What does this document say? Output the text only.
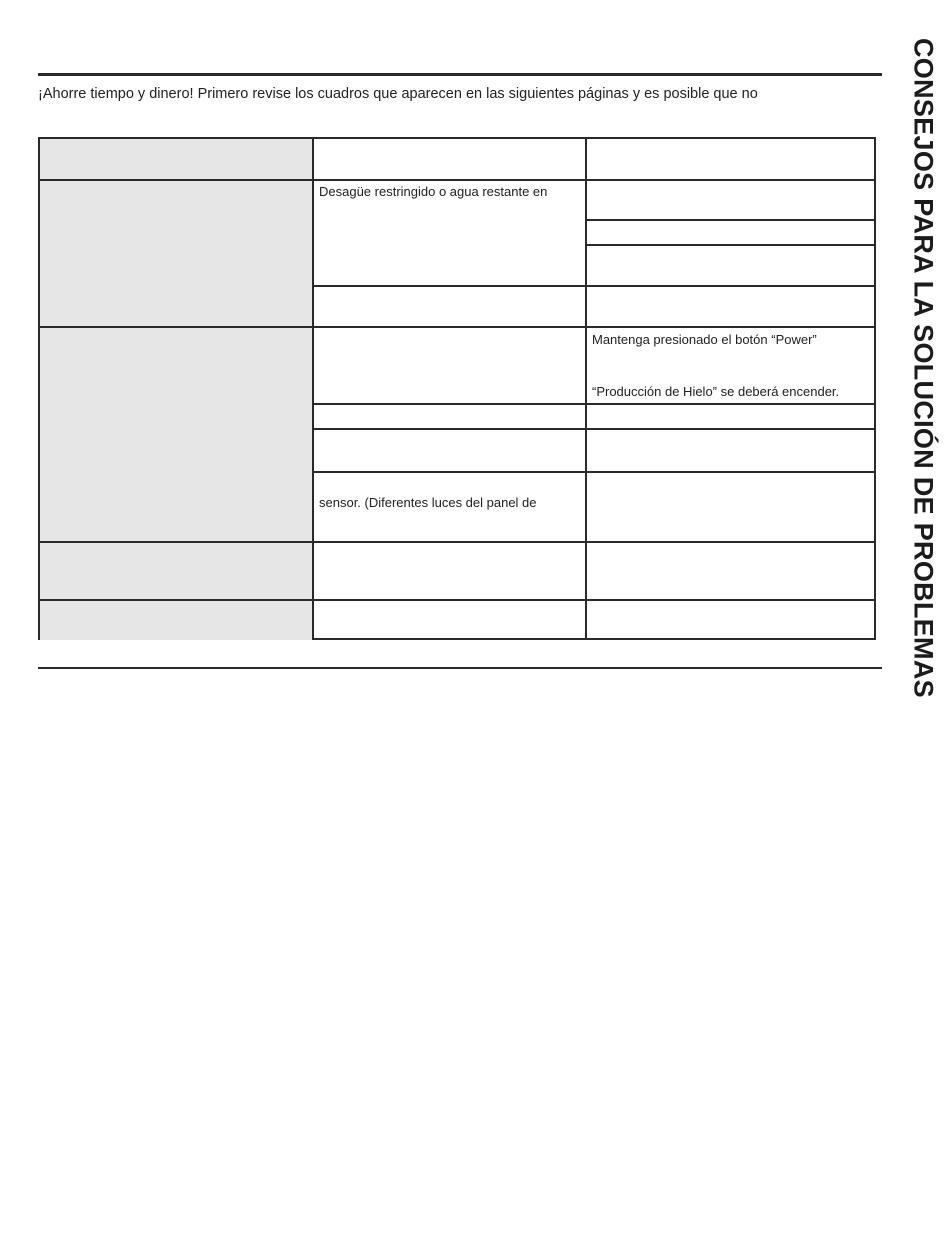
¡Ahorre tiempo y dinero! Primero revise los cuadros que aparecen en las siguientes páginas y es posible que no	CONSEJOS PARA LA SOLUCIÓN DE PROBLEMAS
Desagüe restringido o agua restante en
Mantenga presionado el botón “Power”
“Producción de Hielo” se deberá encender.
sensor. (Diferentes luces del panel de
